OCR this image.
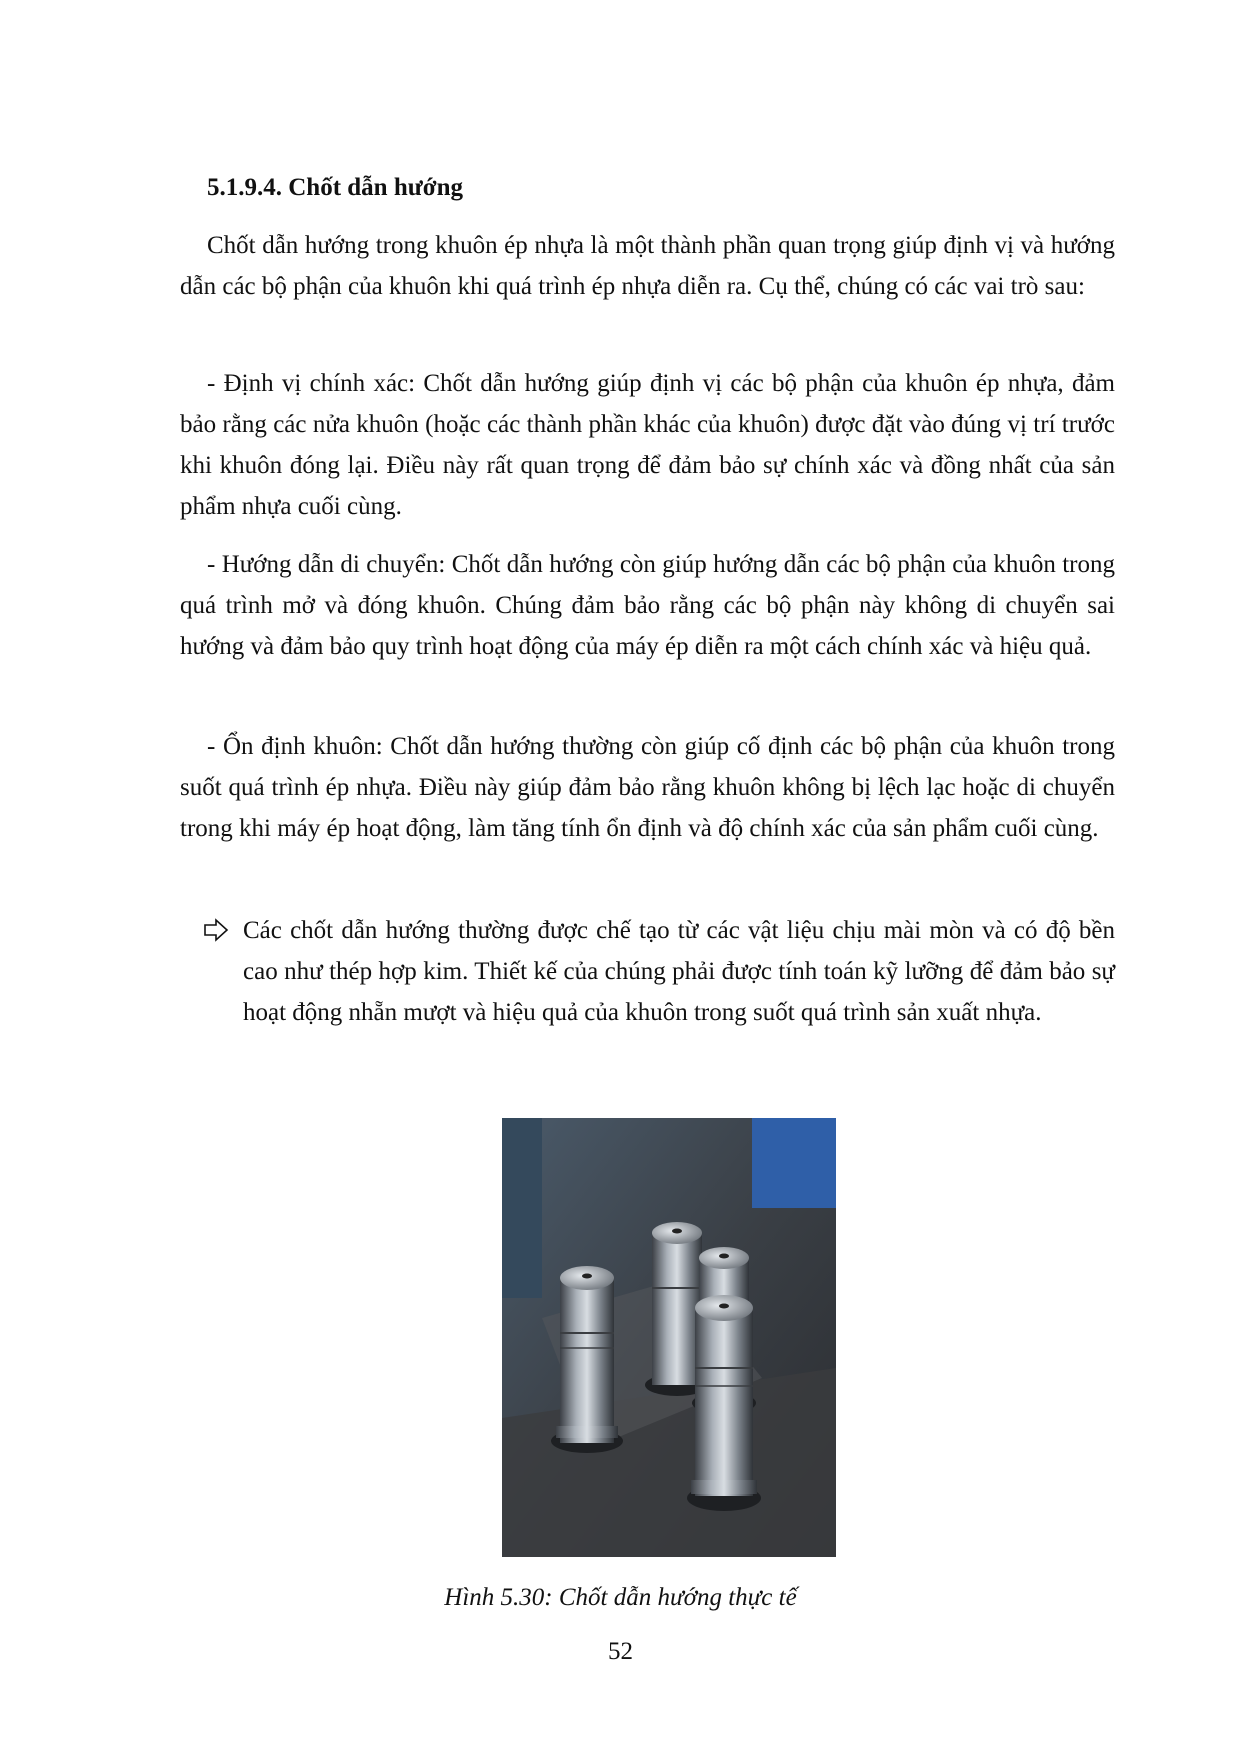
5.1.9.4. Chốt dẫn hướng

Chốt dẫn hướng trong khuôn ép nhựa là một thành phần quan trọng giúp định vị và hướng dẫn các bộ phận của khuôn khi quá trình ép nhựa diễn ra. Cụ thể, chúng có các vai trò sau:

- Định vị chính xác: Chốt dẫn hướng giúp định vị các bộ phận của khuôn ép nhựa, đảm bảo rằng các nửa khuôn (hoặc các thành phần khác của khuôn) được đặt vào đúng vị trí trước khi khuôn đóng lại. Điều này rất quan trọng để đảm bảo sự chính xác và đồng nhất của sản phẩm nhựa cuối cùng.

- Hướng dẫn di chuyển: Chốt dẫn hướng còn giúp hướng dẫn các bộ phận của khuôn trong quá trình mở và đóng khuôn. Chúng đảm bảo rằng các bộ phận này không di chuyển sai hướng và đảm bảo quy trình hoạt động của máy ép diễn ra một cách chính xác và hiệu quả.

- Ổn định khuôn: Chốt dẫn hướng thường còn giúp cố định các bộ phận của khuôn trong suốt quá trình ép nhựa. Điều này giúp đảm bảo rằng khuôn không bị lệch lạc hoặc di chuyển trong khi máy ép hoạt động, làm tăng tính ổn định và độ chính xác của sản phẩm cuối cùng.

Các chốt dẫn hướng thường được chế tạo từ các vật liệu chịu mài mòn và có độ bền cao như thép hợp kim. Thiết kế của chúng phải được tính toán kỹ lưỡng để đảm bảo sự hoạt động nhẵn mượt và hiệu quả của khuôn trong suốt quá trình sản xuất nhựa.

Hình 5.30: Chốt dẫn hướng thực tế
52
